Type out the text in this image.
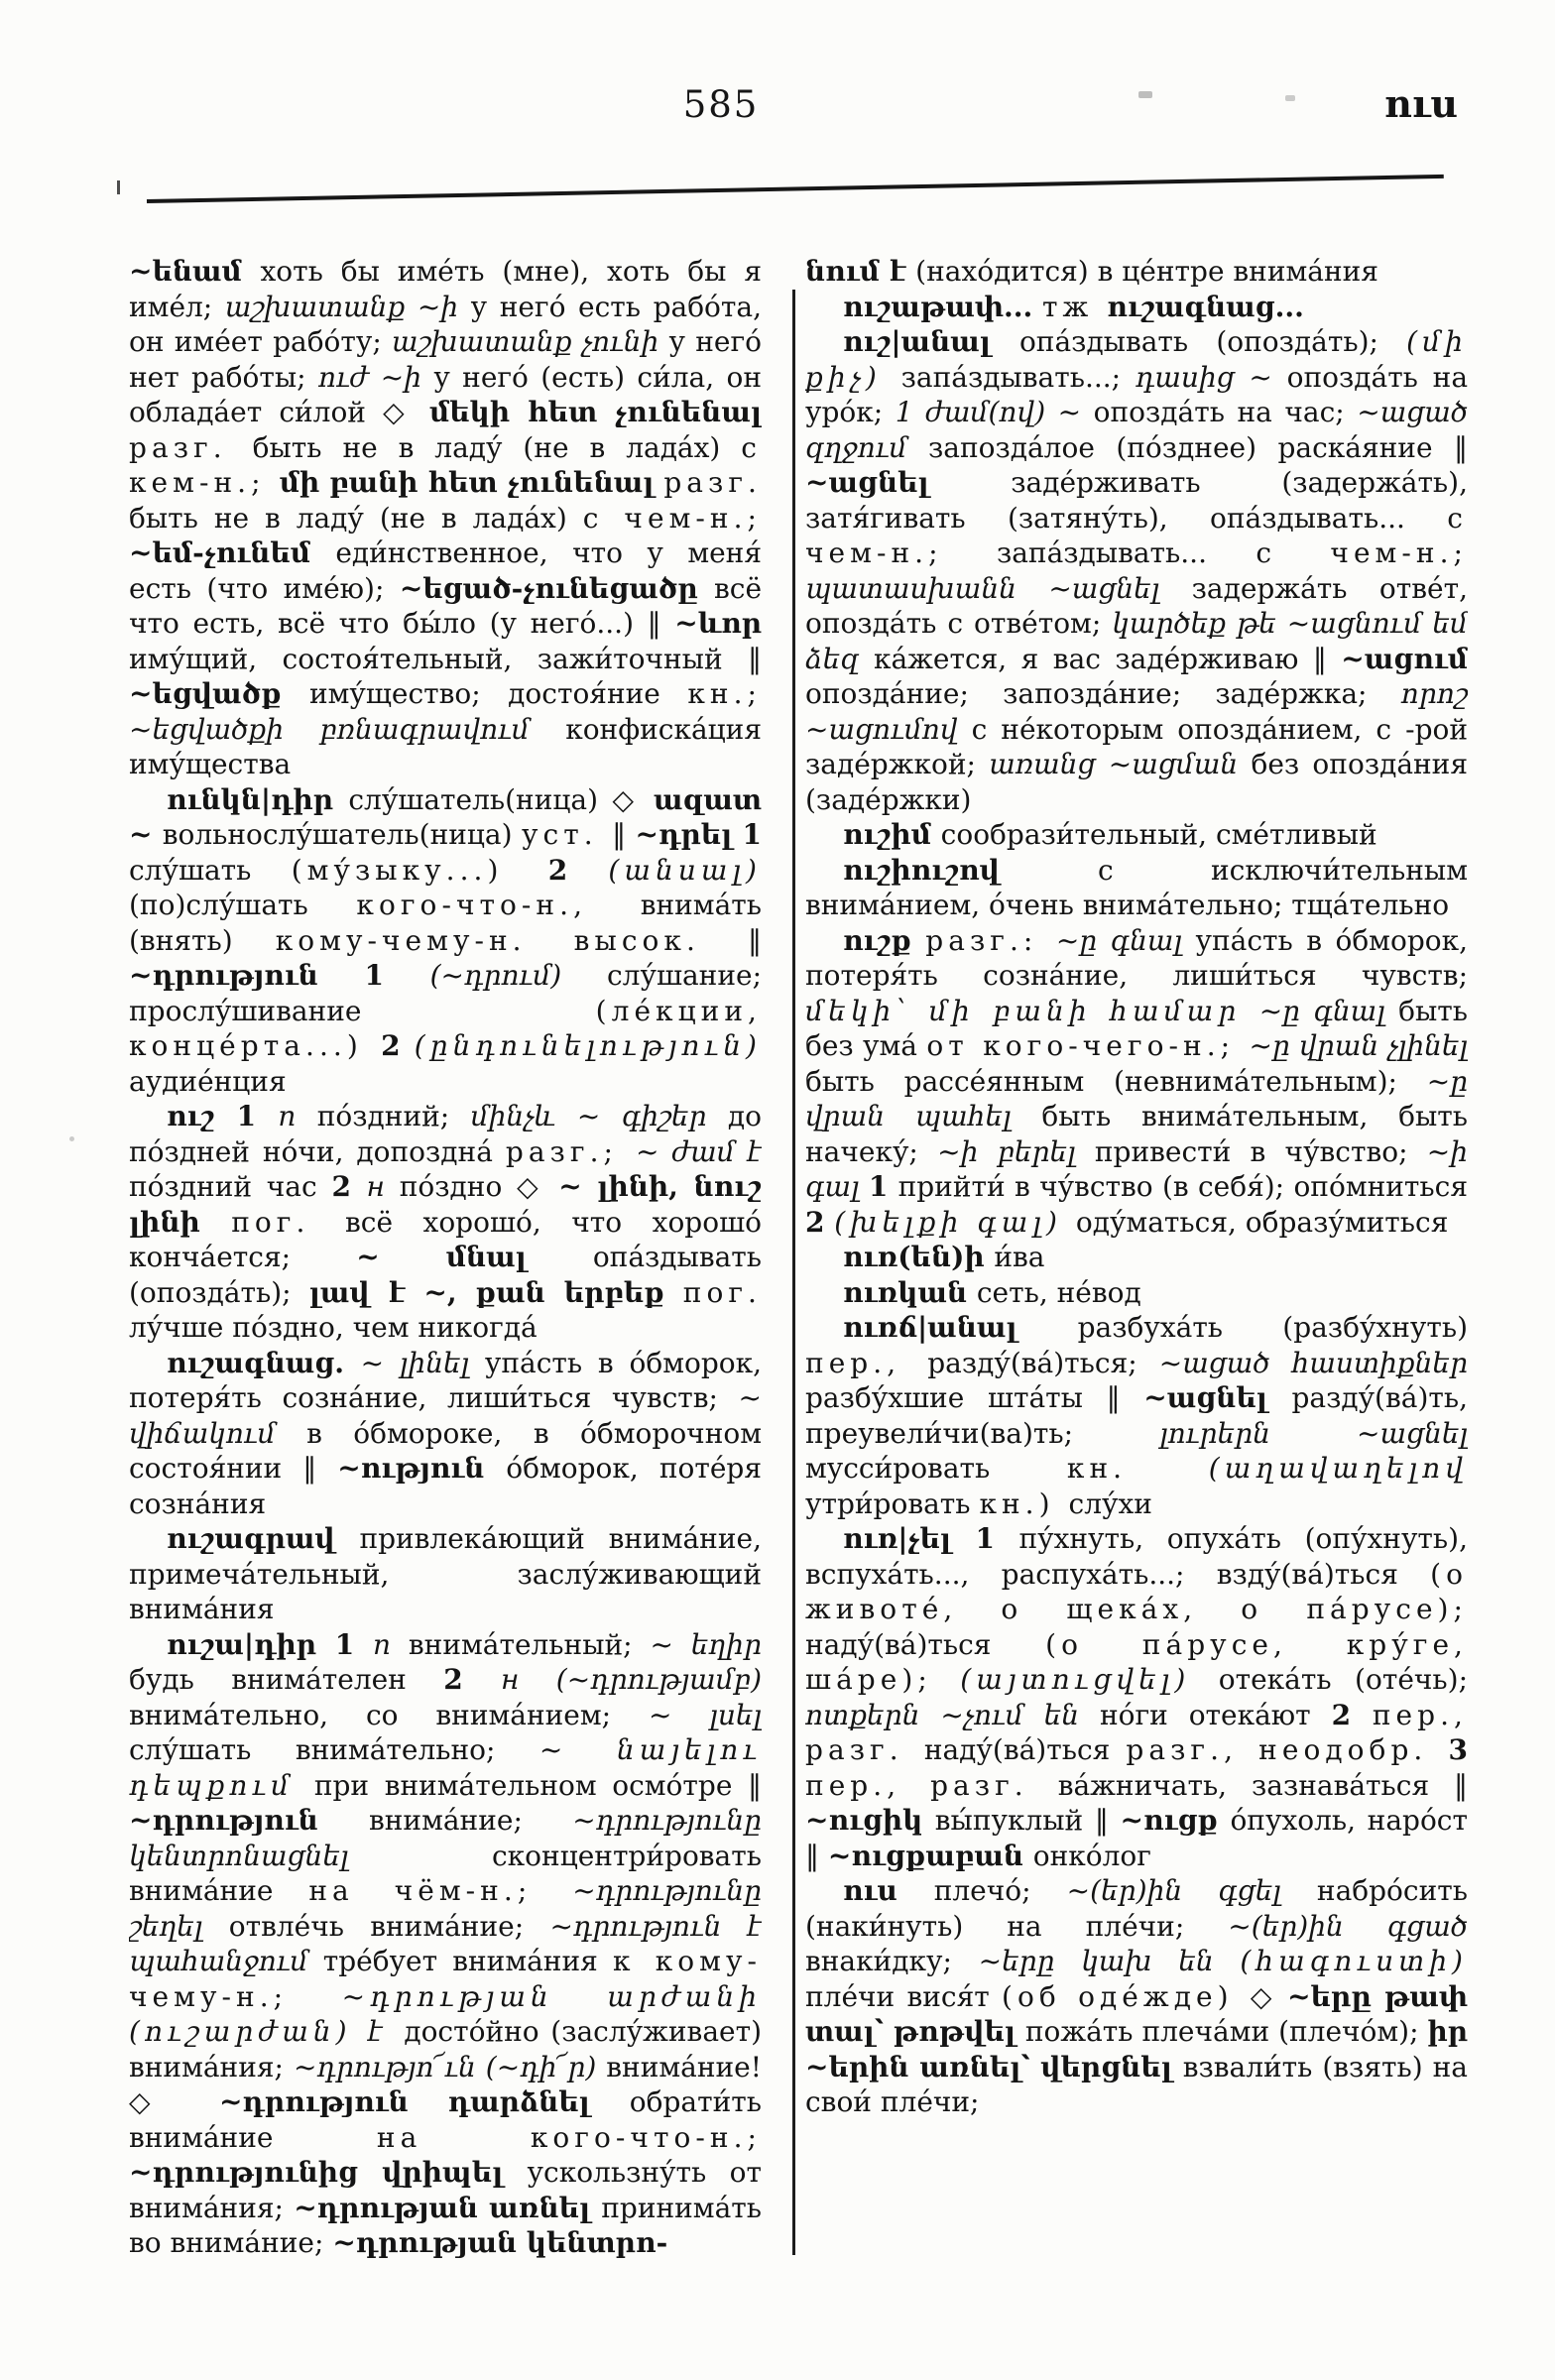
585	ուս

~ենամ хоть бы име́ть (мне), хоть бы я име́л; աշխատանք ~ի у него́ есть рабо́та, он име́ет рабо́ту; աշխատանք չունի у него́ нет рабо́ты; ուժ ~ի у него́ (есть) си́ла, он облада́ет си́лой ◇ մեկի հետ չունենալ разг. быть не в ладу́ (не в лада́х) с кем-н.; մի բանի հետ չունենալ разг. быть не в ладу́ (не в лада́х) с чем-н.; ~եմ-չունեմ еди́нственное, что у меня́ есть (что име́ю); ~եցած-չունեցածը всё что есть, всё что бы́ло (у него́...) ‖ ~ևոր иму́щий, состоя́тельный, зажи́точный ‖ ~եցվածք иму́щество; достоя́ние кн.; ~եցվածքի բռնագրավում конфиска́ция иму́щества

ունկն|դիր слу́шатель(ница) ◇ ազատ ~ вольнослу́шатель(ница) уст. ‖ ~դրել 1 слу́шать (му́зыку...) 2 (անսալ) (по)слу́шать кого-что-н., внима́ть (внять) кому-чему-н. высок. ‖ ~դրություն 1 (~դրում) слу́шание; прослу́шивание (ле́кции, конце́рта...) 2 (ընդունելություն) аудие́нция

ուշ 1 п по́здний; մինչև ~ գիշեր до по́здней но́чи, допоздна́ разг.; ~ ժամ է по́здний час 2 н по́здно ◇ ~ լինի, նուշ լինի пог. всё хорошо́, что хорошо́ конча́ется; ~ մնալ опа́здывать (опозда́ть); լավ է ~, քան երբեք пог. лу́чше по́здно, чем никогда́

ուշագնաց. ~ լինել упа́сть в о́бморок, потеря́ть созна́ние, лиши́ться чувств; ~ վիճակում в о́бмороке, в о́бморочном состоя́нии ‖ ~ություն о́бморок, поте́ря созна́ния

ուշագրավ привлека́ющий внима́ние, примеча́тельный, заслу́живающий внима́ния

ուշա|դիր 1 п внима́тельный; ~ եղիր будь внима́телен 2 н (~դրությամբ) внима́тельно, со внима́нием; ~ լսել слу́шать внима́тельно; ~ նայելու դեպքում при внима́тельном осмо́тре ‖ ~դրություն внима́ние; ~դրությունը կենտրոնացնել сконцентри́ровать внима́ние на чём-н.; ~դրությունը շեղել отвле́чь внима́ние; ~դրություն է պահանջում тре́бует внима́ния к кому-чему-н.; ~դրության արժանի (ուշարժան) է досто́йно (заслу́живает) внима́ния; ~դրությո՜ւն (~դի՜ր) внима́ние! ◇ ~դրություն դարձնել обрати́ть внима́ние на кого-что-н.; ~դրությունից վրիպել ускользну́ть от внима́ния; ~դրության առնել принима́ть во внима́ние; ~դրության կենտրո-

նում է (нахо́дится) в це́нтре внима́ния

ուշաթափ... тж ուշագնաց...

ուշ|անալ опа́здывать (опозда́ть); (մի քիչ) запа́здывать...; դասից ~ опозда́ть на уро́к; 1 ժամ(ով) ~ опозда́ть на час; ~ացած զղջում запозда́лое (по́зднее) раска́яние ‖ ~ացնել заде́рживать (задержа́ть), затя́гивать (затяну́ть), опа́здывать... с чем-н.; запа́здывать... с чем-н.; պատասխանն ~ացնել задержа́ть отве́т, опозда́ть с отве́том; կարծեք թե ~ացնում եմ ձեզ ка́жется, я вас заде́рживаю ‖ ~ացում опозда́ние; запозда́ние; заде́ржка; որոշ ~ացումով с не́которым опозда́нием, с -рой заде́ржкой; առանց ~ացման без опозда́ния (заде́ржки)

ուշիմ сообрази́тельный, сме́тливый

ուշիուշով с исключи́тельным внима́нием, о́чень внима́тельно; тща́тельно

ուշք разг.: ~ը գնալ упа́сть в о́бморок, потеря́ть созна́ние, лиши́ться чувств; մեկի՝ մի բանի համար ~ը գնալ быть без ума́ от кого-чего-н.; ~ը վրան չլինել быть рассе́янным (невнима́тельным); ~ը վրան պահել быть внима́тельным, быть начеку́; ~ի բերել привести́ в чу́вство; ~ի գալ 1 прийти́ в чу́вство (в себя́); опо́мниться 2 (խելքի գալ) оду́маться, образу́миться

ուռ(են)ի и́ва

ուռկան сеть, не́вод

ուռճ|անալ разбуха́ть (разбу́хнуть) пер., разду́(ва́)ться; ~ացած հաստիքներ разбу́хшие шта́ты ‖ ~ացնել разду́(ва́)ть, преувели́чи(ва)ть; լուրերն ~ացնել мусси́ровать кн. (աղավաղելով утри́ровать кн.) слу́хи

ուռ|չել 1 пу́хнуть, опуха́ть (опу́хнуть), вспуха́ть..., распуха́ть...; взду́(ва́)ться (о животе́, о щека́х, о па́русе); наду́(ва́)ться (о па́русе, кру́ге, ша́ре); (այտուցվել) отека́ть (оте́чь); ոտքերն ~չում են но́ги отека́ют 2 пер., разг. наду́(ва́)ться разг., неодобр. 3 пер., разг. ва́жничать, зазнава́ться ‖ ~ուցիկ вы́пуклый ‖ ~ուցք о́пухоль, наро́ст ‖ ~ուցքաբան онко́лог

ուս плечо́; ~(եր)ին գցել набро́сить (наки́нуть) на пле́чи; ~(եր)ին գցած внаки́дку; ~երը կախ են (հագուստի) пле́чи вися́т (об оде́жде) ◇ ~երը թափ տալ՝ թոթվել пожа́ть плеча́ми (плечо́м); իր ~երին առնել՝ վերցնել взвали́ть (взять) на свои́ пле́чи;
